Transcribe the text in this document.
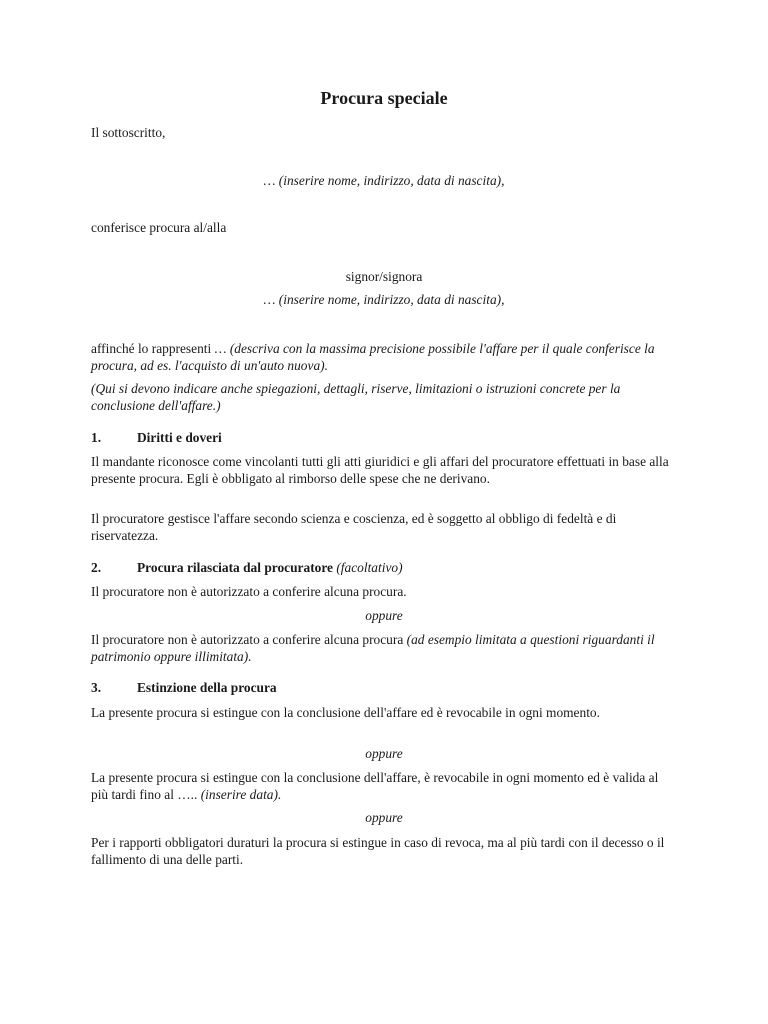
Procura speciale
Il sottoscritto,
… (inserire nome, indirizzo, data di nascita),
conferisce procura al/alla
signor/signora
… (inserire nome, indirizzo, data di nascita),
affinché lo rappresenti … (descriva con la massima precisione possibile l'affare per il quale conferisce la procura, ad es. l'acquisto di un'auto nuova).
(Qui si devono indicare anche spiegazioni, dettagli, riserve, limitazioni o istruzioni concrete per la conclusione dell'affare.)
1.	Diritti e doveri
Il mandante riconosce come vincolanti tutti gli atti giuridici e gli affari del procuratore effettuati in base alla presente procura. Egli è obbligato al rimborso delle spese che ne derivano.
Il procuratore gestisce l'affare secondo scienza e coscienza, ed è soggetto al obbligo di fedeltà e di riservatezza.
2.	Procura rilasciata dal procuratore (facoltativo)
Il procuratore non è autorizzato a conferire alcuna procura.
oppure
Il procuratore non è autorizzato a conferire alcuna procura (ad esempio limitata a questioni riguardanti il patrimonio oppure illimitata).
3.	Estinzione della procura
La presente procura si estingue con la conclusione dell'affare ed è revocabile in ogni momento.
oppure
La presente procura si estingue con la conclusione dell'affare, è revocabile in ogni momento ed è valida al più tardi fino al ….. (inserire data).
oppure
Per i rapporti obbligatori duraturi la procura si estingue in caso di revoca, ma al più tardi con il decesso o il fallimento di una delle parti.
